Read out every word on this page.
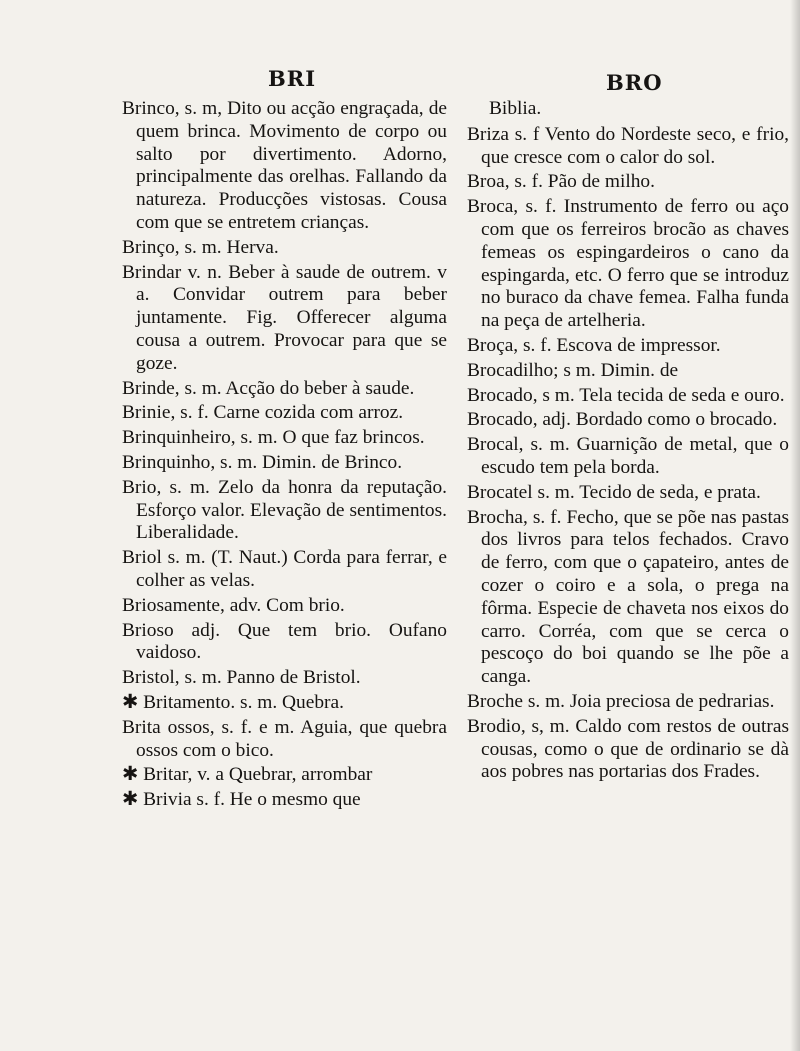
BRI	BRO

Brinco, s. m, Dito ou acção engraçada, de quem brinca. Movimento de corpo ou salto por divertimento. Adorno, principalmente das orelhas. Fallando da natureza. Producções vistosas. Cousa com que se entretem crianças.

Brinço, s. m. Herva.

Brindar v. n. Beber à saude de outrem. v a. Convidar outrem para beber juntamente. Fig. Offerecer alguma cousa a outrem. Provocar para que se goze.

Brinde, s. m. Acção do beber à saude.

Brinie, s. f. Carne cozida com arroz.

Brinquinheiro, s. m. O que faz brincos.

Brinquinho, s. m. Dimin. de Brinco.

Brio, s. m. Zelo da honra da reputação. Esforço valor. Elevação de sentimentos. Liberalidade.

Briol s. m. (T. Naut.) Corda para ferrar, e colher as velas.

Briosamente, adv. Com brio.

Brioso adj. Que tem brio. Oufano vaidoso.

Bristol, s. m. Panno de Bristol.

✱ Britamento. s. m. Quebra.

Brita ossos, s. f. e m. Aguia, que quebra ossos com o bico.

✱ Britar, v. a Quebrar, arrombar

✱ Brivia s. f. He o mesmo que

Biblia.

Briza s. f Vento do Nordeste seco, e frio, que cresce com o calor do sol.

Broa, s. f. Pão de milho.

Broca, s. f. Instrumento de ferro ou aço com que os ferreiros brocão as chaves femeas os espingardeiros o cano da espingarda, etc. O ferro que se introduz no buraco da chave femea. Falha funda na peça de artelheria.

Broça, s. f. Escova de impressor.

Brocadilho; s m. Dimin. de

Brocado, s m. Tela tecida de seda e ouro.

Brocado, adj. Bordado como o brocado.

Brocal, s. m. Guarnição de metal, que o escudo tem pela borda.

Brocatel s. m. Tecido de seda, e prata.

Brocha, s. f. Fecho, que se põe nas pastas dos livros para telos fechados. Cravo de ferro, com que o çapateiro, antes de cozer o coiro e a sola, o prega na fôrma. Especie de chaveta nos eixos do carro. Corréa, com que se cerca o pescoço do boi quando se lhe põe a canga.

Broche s. m. Joia preciosa de pedrarias.

Brodio, s, m. Caldo com restos de outras cousas, como o que de ordinario se dà aos pobres nas portarias dos Frades.
